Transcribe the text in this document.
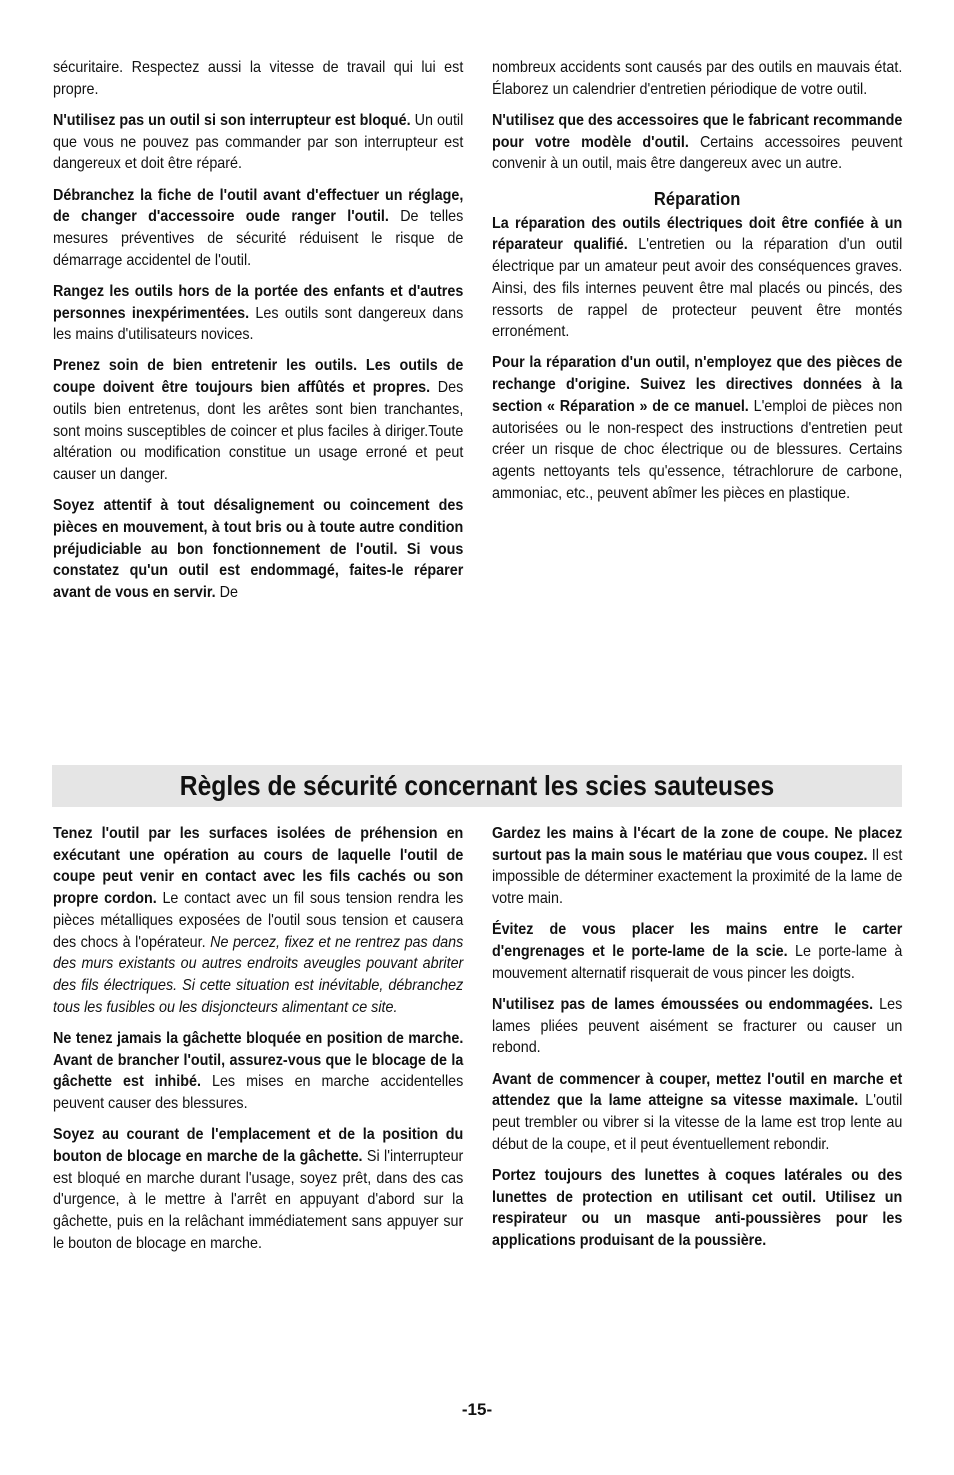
sécuritaire. Respectez aussi la vitesse de travail qui lui est propre.

N'utilisez pas un outil si son interrupteur est bloqué. Un outil que vous ne pouvez pas commander par son interrupteur est dangereux et doit être réparé.

Débranchez la fiche de l'outil avant d'effectuer un réglage, de changer d'accessoire oude ranger l'outil. De telles mesures préventives de sécurité réduisent le risque de démarrage accidentel de l'outil.

Rangez les outils hors de la portée des enfants et d'autres personnes inexpérimentées. Les outils sont dangereux dans les mains d'utilisateurs novices.

Prenez soin de bien entretenir les outils. Les outils de coupe doivent être toujours bien affûtés et propres. Des outils bien entretenus, dont les arêtes sont bien tranchantes, sont moins susceptibles de coincer et plus faciles à diriger.Toute altération ou modification constitue un usage erroné et peut causer un danger.

Soyez attentif à tout désalignement ou coincement des pièces en mouvement, à tout bris ou à toute autre condition préjudiciable au bon fonctionnement de l'outil. Si vous constatez qu'un outil est endommagé, faites-le réparer avant de vous en servir. De

nombreux accidents sont causés par des outils en mauvais état. Élaborez un calendrier d'entretien périodique de votre outil.

N'utilisez que des accessoires que le fabricant recommande pour votre modèle d'outil. Certains accessoires peuvent convenir à un outil, mais être dangereux avec un autre.

Réparation

La réparation des outils électriques doit être confiée à un réparateur qualifié. L'entretien ou la réparation d'un outil électrique par un amateur peut avoir des conséquences graves. Ainsi, des fils internes peuvent être mal placés ou pincés, des ressorts de rappel de protecteur peuvent être montés erronément.

Pour la réparation d'un outil, n'employez que des pièces de rechange d'origine. Suivez les directives données à la section « Réparation » de ce manuel. L'emploi de pièces non autorisées ou le non-respect des instructions d'entretien peut créer un risque de choc électrique ou de blessures. Certains agents nettoyants tels qu'essence, tétrachlorure de carbone, ammoniac, etc., peuvent abîmer les pièces en plastique.

Règles de sécurité concernant les scies sauteuses

Tenez l'outil par les surfaces isolées de préhension en exécutant une opération au cours de laquelle l'outil de coupe peut venir en contact avec les fils cachés ou son propre cordon. Le contact avec un fil sous tension rendra les pièces métalliques exposées de l'outil sous tension et causera des chocs à l'opérateur. Ne percez, fixez et ne rentrez pas dans des murs existants ou autres endroits aveugles pouvant abriter des fils électriques. Si cette situation est inévitable, débranchez tous les fusibles ou les disjoncteurs alimentant ce site.

Ne tenez jamais la gâchette bloquée en position de marche. Avant de brancher l'outil, assurez-vous que le blocage de la gâchette est inhibé. Les mises en marche accidentelles peuvent causer des blessures.

Soyez au courant de l'emplacement et de la position du bouton de blocage en marche de la gâchette. Si l'interrupteur est bloqué en marche durant l'usage, soyez prêt, dans des cas d'urgence, à le mettre à l'arrêt en appuyant d'abord sur la gâchette, puis en la relâchant immédiatement sans appuyer sur le bouton de blocage en marche.

Gardez les mains à l'écart de la zone de coupe. Ne placez surtout pas la main sous le matériau que vous coupez. Il est impossible de déterminer exactement la proximité de la lame de votre main.

Évitez de vous placer les mains entre le carter d'engrenages et le porte-lame de la scie. Le porte-lame à mouvement alternatif risquerait de vous pincer les doigts.

N'utilisez pas de lames émoussées ou endommagées. Les lames pliées peuvent aisément se fracturer ou causer un rebond.

Avant de commencer à couper, mettez l'outil en marche et attendez que la lame atteigne sa vitesse maximale. L'outil peut trembler ou vibrer si la vitesse de la lame est trop lente au début de la coupe, et il peut éventuellement rebondir.

Portez toujours des lunettes à coques latérales ou des lunettes de protection en utilisant cet outil. Utilisez un respirateur ou un masque anti-poussières pour les applications produisant de la poussière.

-15-
